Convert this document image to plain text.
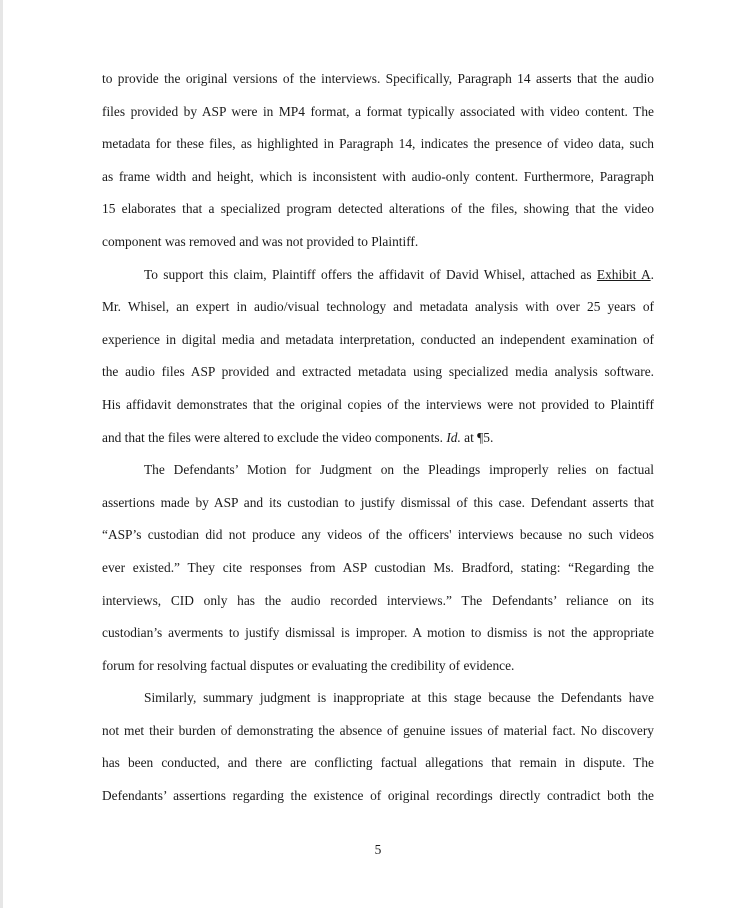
to provide the original versions of the interviews. Specifically, Paragraph 14 asserts that the audio
files provided by ASP were in MP4 format, a format typically associated with video content. The
metadata for these files, as highlighted in Paragraph 14, indicates the presence of video data, such
as frame width and height, which is inconsistent with audio-only content. Furthermore, Paragraph
15 elaborates that a specialized program detected alterations of the files, showing that the video
component was removed and was not provided to Plaintiff.
To support this claim, Plaintiff offers the affidavit of David Whisel, attached as Exhibit A.
Mr. Whisel, an expert in audio/visual technology and metadata analysis with over 25 years of
experience in digital media and metadata interpretation, conducted an independent examination of
the audio files ASP provided and extracted metadata using specialized media analysis software.
His affidavit demonstrates that the original copies of the interviews were not provided to Plaintiff
and that the files were altered to exclude the video components. Id. at ¶5.
The Defendants’ Motion for Judgment on the Pleadings improperly relies on factual
assertions made by ASP and its custodian to justify dismissal of this case. Defendant asserts that
“ASP’s custodian did not produce any videos of the officers' interviews because no such videos
ever existed.” They cite responses from ASP custodian Ms. Bradford, stating: “Regarding the
interviews, CID only has the audio recorded interviews.” The Defendants’ reliance on its
custodian’s averments to justify dismissal is improper. A motion to dismiss is not the appropriate
forum for resolving factual disputes or evaluating the credibility of evidence.
Similarly, summary judgment is inappropriate at this stage because the Defendants have
not met their burden of demonstrating the absence of genuine issues of material fact. No discovery
has been conducted, and there are conflicting factual allegations that remain in dispute. The
Defendants’ assertions regarding the existence of original recordings directly contradict both the
5
